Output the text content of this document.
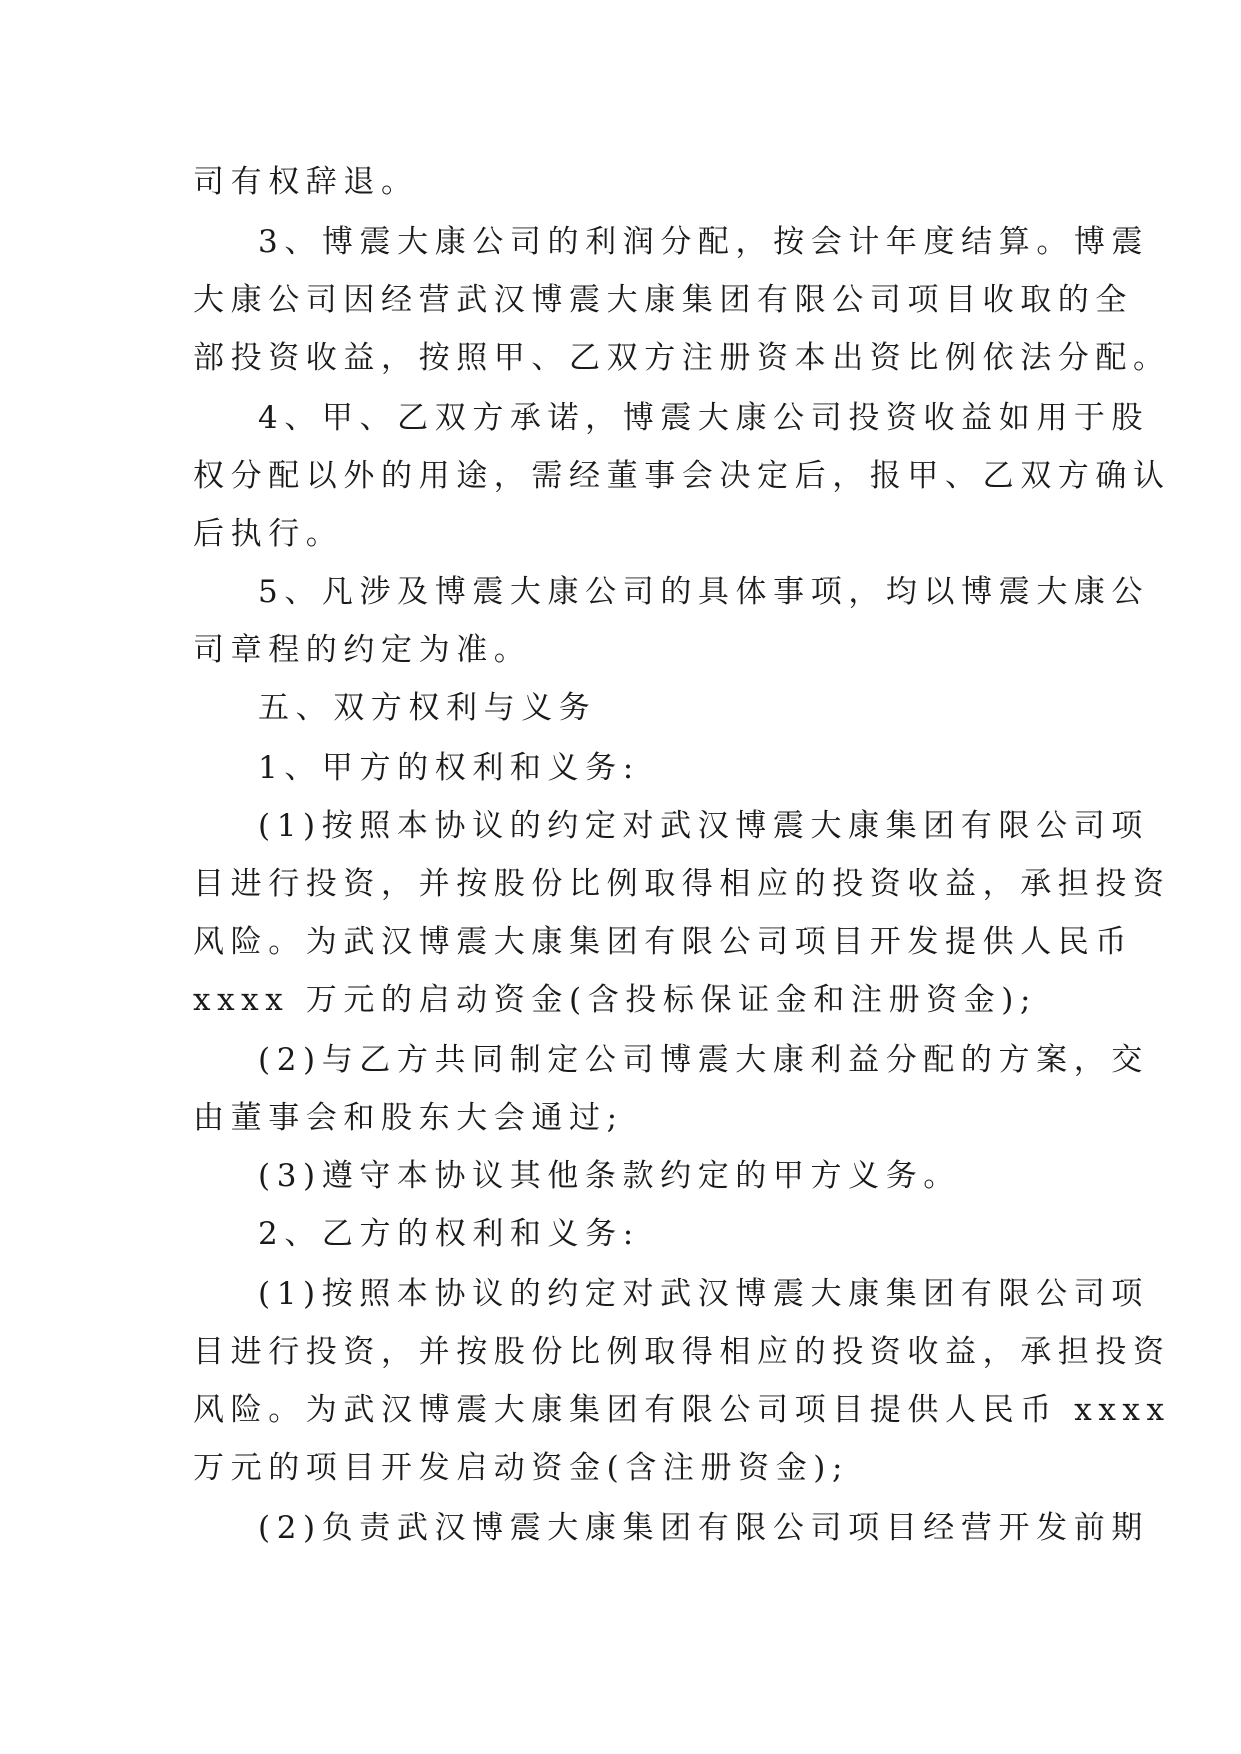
司有权辞退。
3、博震大康公司的利润分配，按会计年度结算。博震
大康公司因经营武汉博震大康集团有限公司项目收取的全
部投资收益，按照甲、乙双方注册资本出资比例依法分配。
4、甲、乙双方承诺，博震大康公司投资收益如用于股
权分配以外的用途，需经董事会决定后，报甲、乙双方确认
后执行。
5、凡涉及博震大康公司的具体事项，均以博震大康公
司章程的约定为准。
五、双方权利与义务
1、甲方的权利和义务:
(1)按照本协议的约定对武汉博震大康集团有限公司项
目进行投资，并按股份比例取得相应的投资收益，承担投资
风险。为武汉博震大康集团有限公司项目开发提供人民币
xxxx 万元的启动资金(含投标保证金和注册资金);
(2)与乙方共同制定公司博震大康利益分配的方案，交
由董事会和股东大会通过;
(3)遵守本协议其他条款约定的甲方义务。
2、乙方的权利和义务:
(1)按照本协议的约定对武汉博震大康集团有限公司项
目进行投资，并按股份比例取得相应的投资收益，承担投资
风险。为武汉博震大康集团有限公司项目提供人民币 xxxx
万元的项目开发启动资金(含注册资金);
(2)负责武汉博震大康集团有限公司项目经营开发前期
